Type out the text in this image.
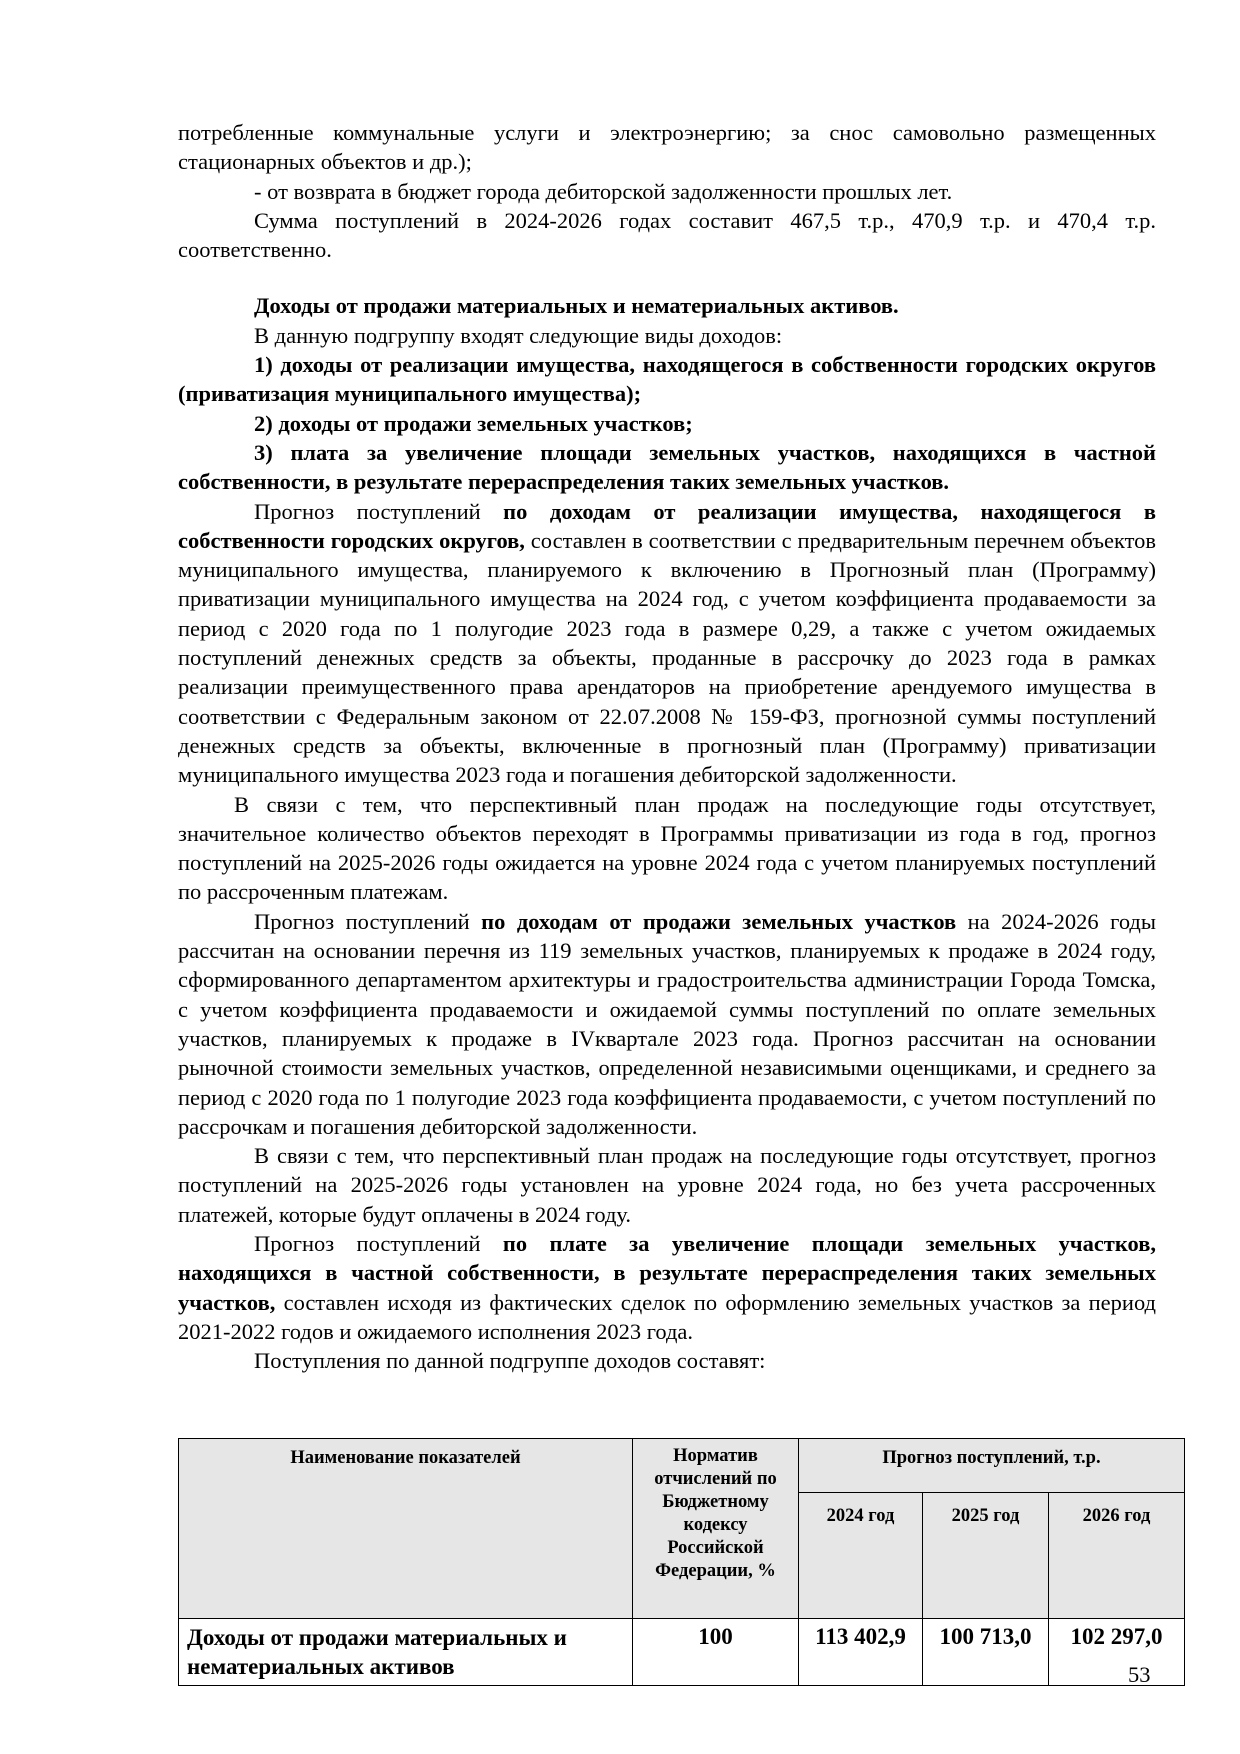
потребленные коммунальные услуги и электроэнергию; за снос самовольно размещенных стационарных объектов и др.);

- от возврата в бюджет города дебиторской задолженности прошлых лет.

Сумма поступлений в 2024-2026 годах составит 467,5 т.р., 470,9 т.р. и 470,4 т.р. соответственно.

Доходы от продажи материальных и нематериальных активов.

В данную подгруппу входят следующие виды доходов:

1) доходы от реализации имущества, находящегося в собственности городских округов (приватизация муниципального имущества);

2) доходы от продажи земельных участков;

3) плата за увеличение площади земельных участков, находящихся в частной собственности, в результате перераспределения таких земельных участков.

Прогноз поступлений по доходам от реализации имущества, находящегося в собственности городских округов, составлен в соответствии с предварительным перечнем объектов муниципального имущества, планируемого к включению в Прогнозный план (Программу) приватизации муниципального имущества на 2024 год, с учетом коэффициента продаваемости за период с 2020 года по 1 полугодие 2023 года в размере 0,29, а также с учетом ожидаемых поступлений денежных средств за объекты, проданные в рассрочку до 2023 года в рамках реализации преимущественного права арендаторов на приобретение арендуемого имущества в соответствии с Федеральным законом от 22.07.2008 № 159-ФЗ, прогнозной суммы поступлений денежных средств за объекты, включенные в прогнозный план (Программу) приватизации муниципального имущества 2023 года и погашения дебиторской задолженности.

В связи с тем, что перспективный план продаж на последующие годы отсутствует, значительное количество объектов переходят в Программы приватизации из года в год, прогноз поступлений на 2025-2026 годы ожидается на уровне 2024 года с учетом планируемых поступлений по рассроченным платежам.

Прогноз поступлений по доходам от продажи земельных участков на 2024-2026 годы рассчитан на основании перечня из 119 земельных участков, планируемых к продаже в 2024 году, сформированного департаментом архитектуры и градостроительства администрации Города Томска, с учетом коэффициента продаваемости и ожидаемой суммы поступлений по оплате земельных участков, планируемых к продаже в IVквартале 2023 года. Прогноз рассчитан на основании рыночной стоимости земельных участков, определенной независимыми оценщиками, и среднего за период с 2020 года по 1 полугодие 2023 года коэффициента продаваемости, с учетом поступлений по рассрочкам и погашения дебиторской задолженности.

В связи с тем, что перспективный план продаж на последующие годы отсутствует, прогноз поступлений на 2025-2026 годы установлен на уровне 2024 года, но без учета рассроченных платежей, которые будут оплачены в 2024 году.

Прогноз поступлений по плате за увеличение площади земельных участков, находящихся в частной собственности, в результате перераспределения таких земельных участков, составлен исходя из фактических сделок по оформлению земельных участков за период 2021-2022 годов и ожидаемого исполнения 2023 года.

Поступления по данной подгруппе доходов составят:

Наименование показателей	Норматив отчислений по Бюджетному кодексу Российской Федерации, %	Прогноз поступлений, т.р.		
		2024 год	2025 год	2026 год
Доходы от продажи материальных и нематериальных активов	100	113 402,9	100 713,0	102 297,0
53
